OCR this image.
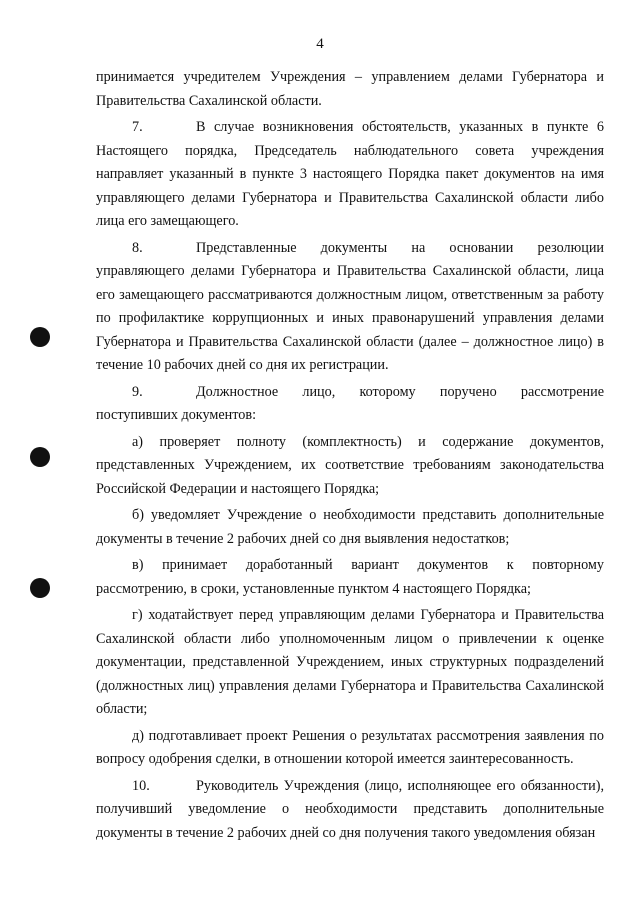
4

принимается учредителем Учреждения – управлением делами Губернатора и Правительства Сахалинской области.

7.	В случае возникновения обстоятельств, указанных в пункте 6 Настоящего порядка, Председатель наблюдательного совета учреждения направляет указанный в пункте 3 настоящего Порядка пакет документов на имя управляющего делами Губернатора и Правительства Сахалинской области либо лица его замещающего.

8.	Представленные документы на основании резолюции управляющего делами Губернатора и Правительства Сахалинской области, лица его замещающего рассматриваются должностным лицом, ответственным за работу по профилактике коррупционных и иных правонарушений управления делами Губернатора и Правительства Сахалинской области (далее – должностное лицо) в течение 10 рабочих дней со дня их регистрации.

9.	Должностное лицо, которому поручено рассмотрение поступивших документов:

а) проверяет полноту (комплектность) и содержание документов, представленных Учреждением, их соответствие требованиям законодательства Российской Федерации и настоящего Порядка;

б) уведомляет Учреждение о необходимости представить дополнительные документы в течение 2 рабочих дней со дня выявления недостатков;

в) принимает доработанный вариант документов к повторному рассмотрению, в сроки, установленные пунктом 4 настоящего Порядка;

г) ходатайствует перед управляющим делами Губернатора и Правительства Сахалинской области либо уполномоченным лицом о привлечении к оценке документации, представленной Учреждением, иных структурных подразделений (должностных лиц) управления делами Губернатора и Правительства Сахалинской области;

д) подготавливает проект Решения о результатах рассмотрения заявления по вопросу одобрения сделки, в отношении которой имеется заинтересованность.

10.	Руководитель Учреждения (лицо, исполняющее его обязанности), получивший уведомление о необходимости представить дополнительные документы в течение 2 рабочих дней со дня получения такого уведомления обязан
